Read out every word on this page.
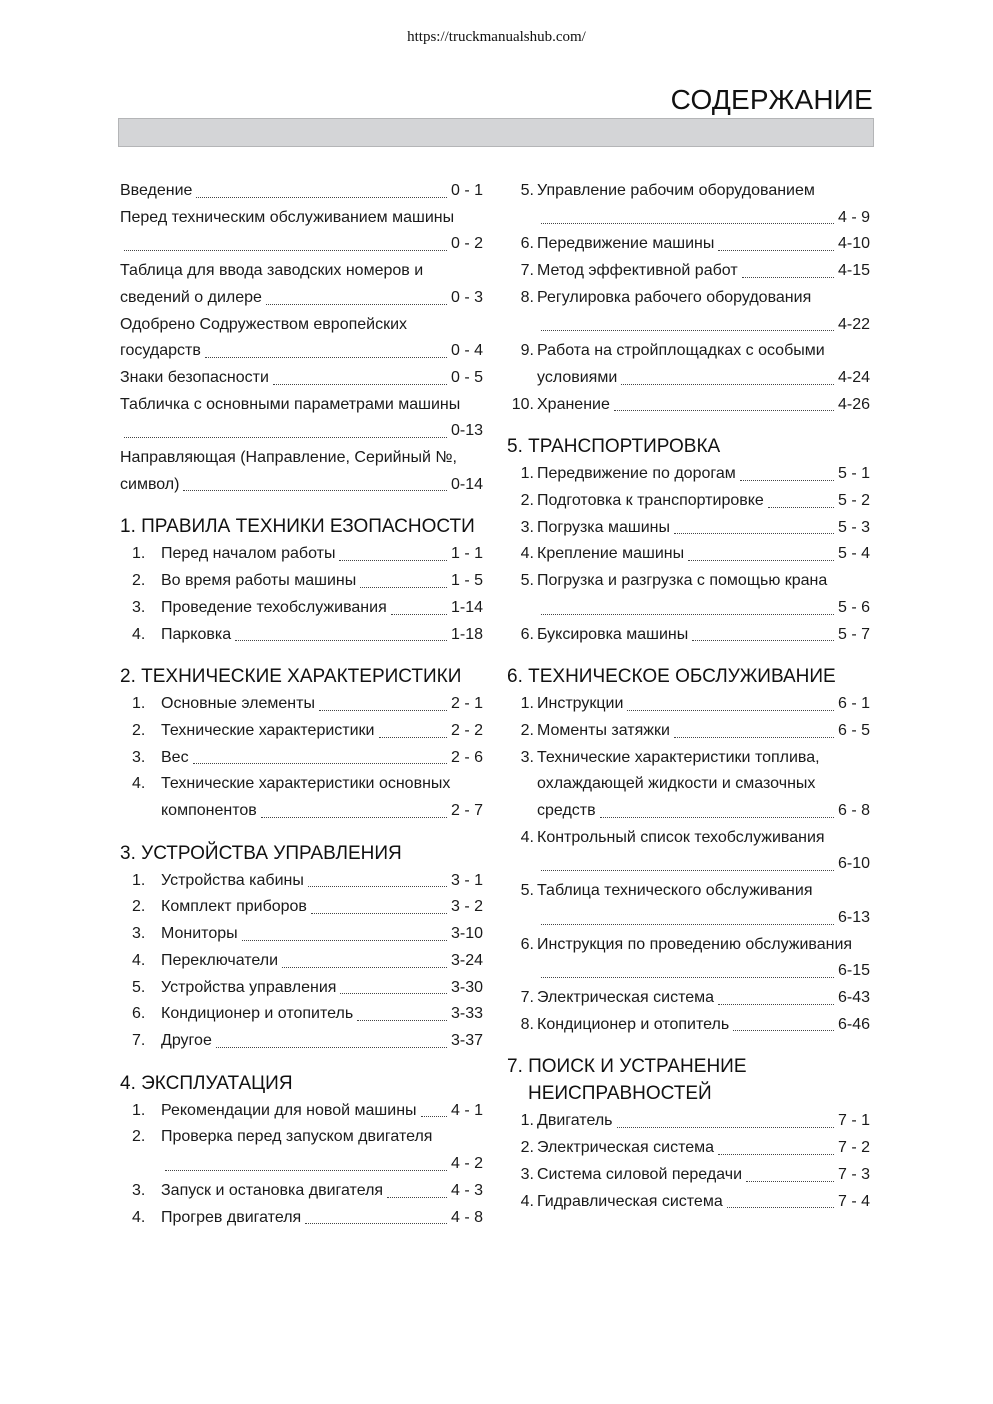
https://truckmanualshub.com/
СОДЕРЖАНИЕ
Введение	0 - 1
Перед техническим обслуживанием машины
0 - 2
Таблица для ввода заводских номеров и
сведений о дилере	0 - 3
Одобрено Содружеством европейских
государств	0 - 4
Знаки безопасности	0 - 5
Табличка с основными параметрами машины
0-13
Направляющая (Направление, Серийный №,
символ)	0-14
1. ПРАВИЛА ТЕХНИКИ ЕЗОПАСНОСТИ
1. Перед началом работы	1 - 1
2. Во время работы машины	1 - 5
3. Проведение техобслуживания	1-14
4. Парковка	1-18
2. ТЕХНИЧЕСКИЕ ХАРАКТЕРИСТИКИ
1. Основные элементы	2 - 1
2. Технические характеристики	2 - 2
3. Вес	2 - 6
4. Технические характеристики основных
компонентов	2 - 7
3. УСТРОЙСТВА УПРАВЛЕНИЯ
1. Устройства кабины	3 - 1
2. Комплект приборов	3 - 2
3. Мониторы	3-10
4. Переключатели	3-24
5. Устройства управления	3-30
6. Кондиционер и отопитель	3-33
7. Другое	3-37
4. ЭКСПЛУАТАЦИЯ
1. Рекомендации для новой машины 4 - 1
2. Проверка перед запуском двигателя
4 - 2
3. Запуск и остановка двигателя	4 - 3
4. Прогрев двигателя	4 - 8
5. Управление рабочим оборудованием
4 - 9
6. Передвижение машины	4-10
7. Метод эффективной работ	4-15
8. Регулировка рабочего оборудования
4-22
9. Работа на стройплощадках с особыми
условиями	4-24
10. Хранение	4-26
5. ТРАНСПОРТИРОВКА
1. Передвижение по дорогам	5 - 1
2. Подготовка к транспортировке	5 - 2
3. Погрузка машины	5 - 3
4. Крепление машины	5 - 4
5. Погрузка и разгрузка с помощью крана
5 - 6
6. Буксировка машины	5 - 7
6. ТЕХНИЧЕСКОЕ ОБСЛУЖИВАНИЕ
1. Инструкции	6 - 1
2. Моменты затяжки	6 - 5
3. Технические характеристики топлива,
охлаждающей жидкости и смазочных
средств	6 - 8
4. Контрольный список техобслуживания
6-10
5. Таблица технического обслуживания
6-13
6. Инструкция по проведению обслуживания
6-15
7. Электрическая система	6-43
8. Кондиционер и отопитель	6-46
7. ПОИСК И УСТРАНЕНИЕ
НЕИСПРАВНОСТЕЙ
1. Двигатель	7 - 1
2. Электрическая система	7 - 2
3. Система силовой передачи	7 - 3
4. Гидравлическая система	7 - 4
